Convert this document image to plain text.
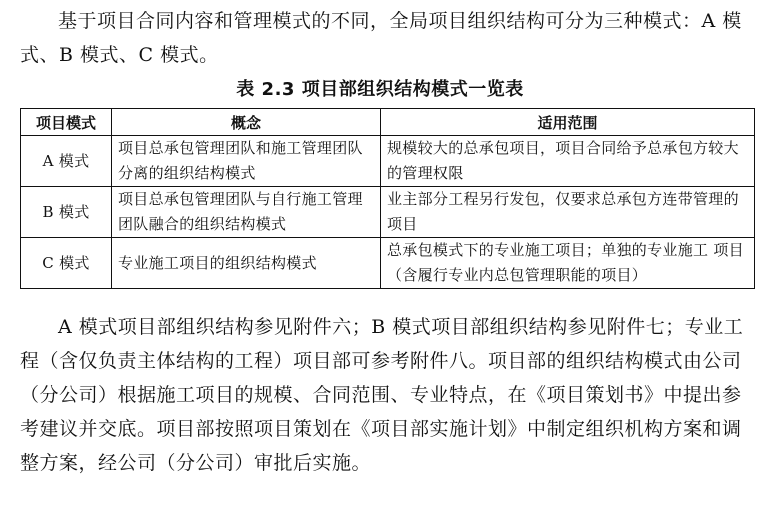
基于项目合同内容和管理模式的不同，全局项目组织结构可分为三种模式：A 模式、B 模式、C 模式。

表 2.3 项目部组织结构模式一览表
项目模式	概念	适用范围
A 模式	项目总承包管理团队和施工管理团队分离的组织结构模式	规模较大的总承包项目，项目合同给予总承包方较大的管理权限
B 模式	项目总承包管理团队与自行施工管理团队融合的组织结构模式	业主部分工程另行发包，仅要求总承包方连带管理的项目
C 模式	专业施工项目的组织结构模式	总承包模式下的专业施工项目；单独的专业施工 项目（含履行专业内总包管理职能的项目）

A 模式项目部组织结构参见附件六；B 模式项目部组织结构参见附件七；专业工程（含仅负责主体结构的工程）项目部可参考附件八。项目部的组织结构模式由公司（分公司）根据施工项目的规模、合同范围、专业特点，在《项目策划书》中提出参考建议并交底。项目部按照项目策划在《项目部实施计划》中制定组织机构方案和调整方案，经公司（分公司）审批后实施。
